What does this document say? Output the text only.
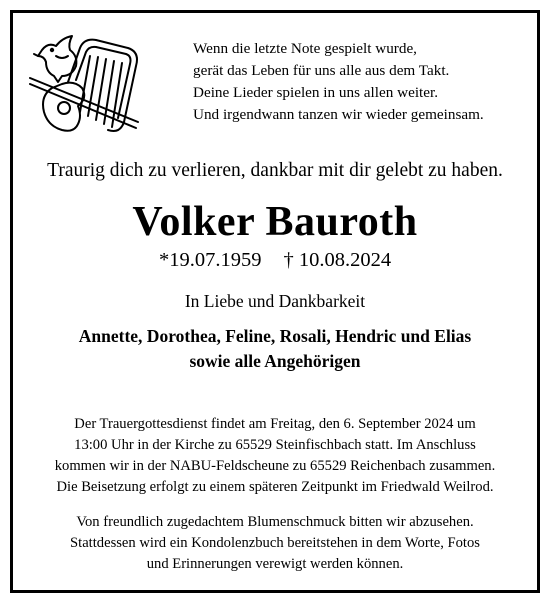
Wenn die letzte Note gespielt wurde,
gerät das Leben für uns alle aus dem Takt.
Deine Lieder spielen in uns allen weiter.
Und irgendwann tanzen wir wieder gemeinsam.
Traurig dich zu verlieren, dankbar mit dir gelebt zu haben.
Volker Bauroth
*19.07.1959 † 10.08.2024
In Liebe und Dankbarkeit
Annette, Dorothea, Feline, Rosali, Hendric und Elias
sowie alle Angehörigen
Der Trauergottesdienst findet am Freitag, den 6. September 2024 um
13:00 Uhr in der Kirche zu 65529 Steinfischbach statt. Im Anschluss
kommen wir in der NABU-Feldscheune zu 65529 Reichenbach zusammen.
Die Beisetzung erfolgt zu einem späteren Zeitpunkt im Friedwald Weilrod.
Von freundlich zugedachtem Blumenschmuck bitten wir abzusehen.
Stattdessen wird ein Kondolenzbuch bereitstehen in dem Worte, Fotos
und Erinnerungen verewigt werden können.
